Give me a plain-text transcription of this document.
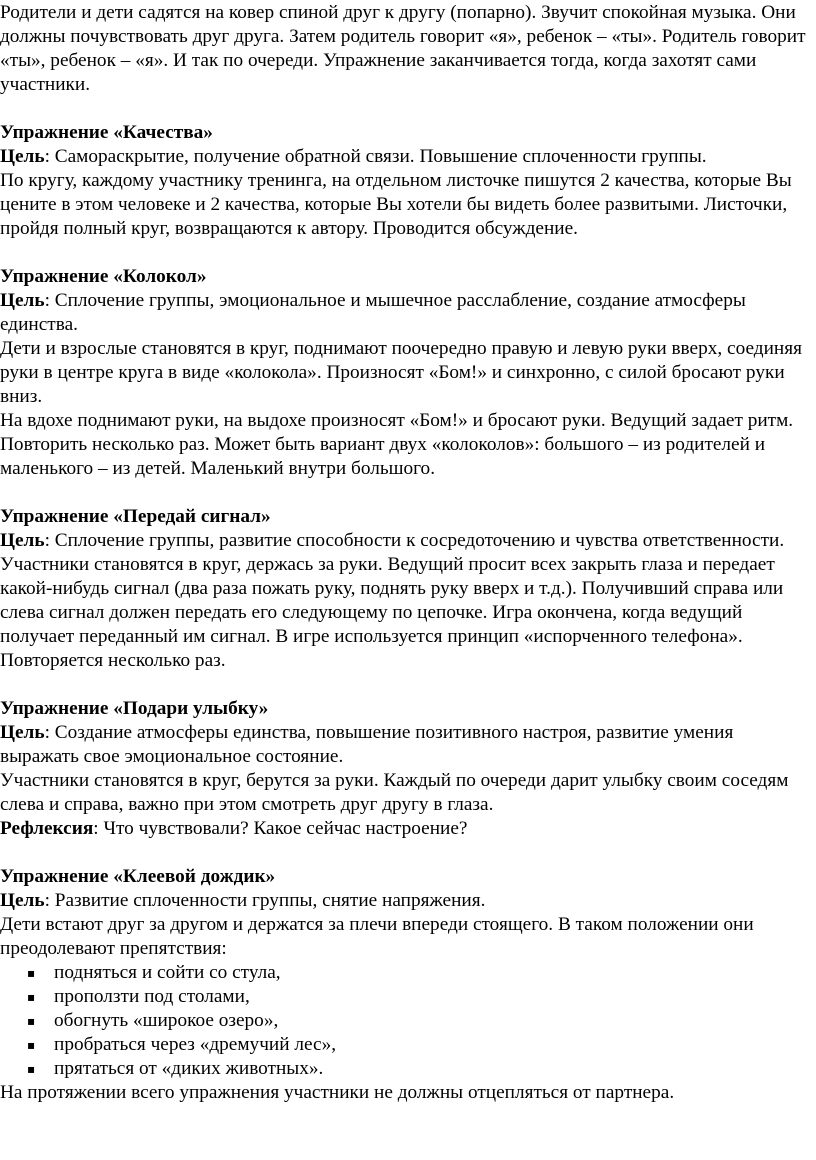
Родители и дети садятся на ковер спиной друг к другу (попарно). Звучит спокойная музыка. Они должны почувствовать друг друга. Затем родитель говорит «я», ребенок – «ты». Родитель говорит «ты», ребенок – «я». И так по очереди. Упражнение заканчивается тогда, когда захотят сами участники.

Упражнение «Качества»

Цель: Самораскрытие, получение обратной связи. Повышение сплоченности группы.

По кругу, каждому участнику тренинга, на отдельном листочке пишутся 2 качества, которые Вы цените в этом человеке и 2 качества, которые Вы хотели бы видеть более развитыми. Листочки, пройдя полный круг, возвращаются к автору. Проводится обсуждение.

Упражнение «Колокол»

Цель: Сплочение группы, эмоциональное и мышечное расслабление, создание атмосферы единства.

Дети и взрослые становятся в круг, поднимают поочередно правую и левую руки вверх, соединяя руки в центре круга в виде «колокола». Произносят «Бом!» и синхронно, с силой бросают руки вниз.

На вдохе поднимают руки, на выдохе произносят «Бом!» и бросают руки. Ведущий задает ритм. Повторить несколько раз. Может быть вариант двух «колоколов»: большого – из родителей и маленького – из детей. Маленький внутри большого.

Упражнение «Передай сигнал»

Цель: Сплочение группы, развитие способности к сосредоточению и чувства ответственности.

Участники становятся в круг, держась за руки. Ведущий просит всех закрыть глаза и передает какой-нибудь сигнал (два раза пожать руку, поднять руку вверх и т.д.). Получивший справа или слева сигнал должен передать его следующему по цепочке. Игра окончена, когда ведущий получает переданный им сигнал. В игре используется принцип «испорченного телефона».

Повторяется несколько раз.

Упражнение «Подари улыбку»

Цель: Создание атмосферы единства, повышение позитивного настроя, развитие умения выражать свое эмоциональное состояние.

Участники становятся в круг, берутся за руки. Каждый по очереди дарит улыбку своим соседям слева и справа, важно при этом смотреть друг другу в глаза.

Рефлексия: Что чувствовали? Какое сейчас настроение?

Упражнение «Клеевой дождик»

Цель: Развитие сплоченности группы, снятие напряжения.

Дети встают друг за другом и держатся за плечи впереди стоящего. В таком положении они преодолевают препятствия:

▪ подняться и сойти со стула,
▪ проползти под столами,
▪ обогнуть «широкое озеро»,
▪ пробраться через «дремучий лес»,
▪ прятаться от «диких животных».

На протяжении всего упражнения участники не должны отцепляться от партнера.
